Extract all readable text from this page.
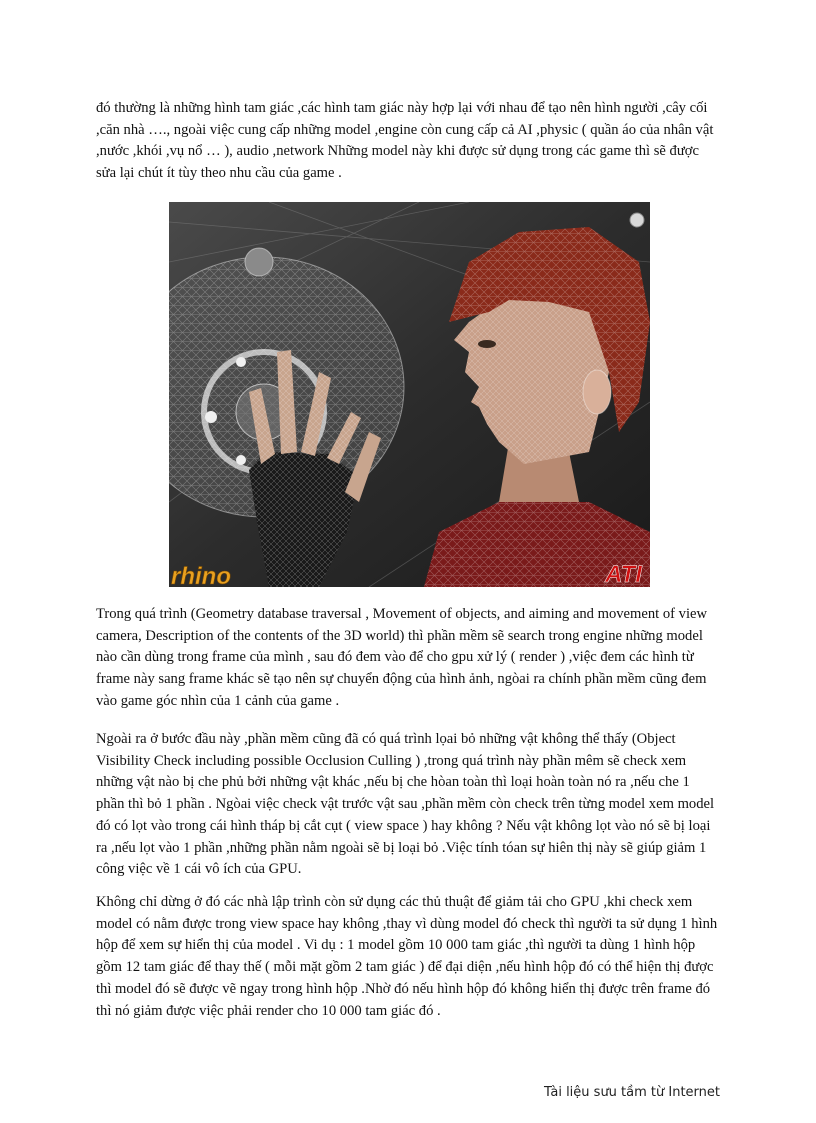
đó thường là những hình tam giác ,các hình tam giác này hợp lại với nhau để tạo nên hình người ,cây cối ,căn nhà …., ngoài việc cung cấp những model ,engine còn cung cấp cả AI ,physic ( quần áo của nhân vật ,nước ,khói ,vụ nổ … ), audio ,network Những model này khi được sử dụng trong các game thì sẽ được sửa lại chút ít tùy theo nhu cầu của game .

rhino	ATI

Trong quá trình (Geometry database traversal , Movement of objects, and aiming and movement of view camera, Description of the contents of the 3D world) thì phần mềm sẽ search trong engine những model nào cần dùng trong frame của mình , sau đó đem vào để cho gpu xử lý ( render ) ,việc đem các hình từ frame này sang frame khác sẽ tạo nên sự chuyển động của hình ảnh, ngòai ra chính phần mềm cũng đem vào game góc nhìn của 1 cảnh của game .

Ngoài ra ở bước đầu này ,phần mềm cũng đã có quá trình lọai bỏ những vật không thể thấy (Object Visibility Check including possible Occlusion Culling ) ,trong quá trình này phần mêm sẽ check xem những vật nào bị che phủ bởi những vật khác ,nếu bị che hòan toàn thì loại hoàn toàn nó ra ,nếu che 1 phần thì bỏ 1 phần . Ngòai việc check vật trước vật sau ,phần mềm còn check trên từng model xem model đó có lọt vào trong cái hình tháp bị cắt cụt ( view space ) hay không ? Nếu vật không lọt vào nó sẽ bị loại ra ,nếu lọt vào 1 phần ,những phần nằm ngoài sẽ bị loại bỏ .Việc tính tóan sự hiên thị này sẽ giúp giảm 1 công việc về 1 cái vô ích của GPU.

Không chỉ dừng ở đó các nhà lập trình còn sử dụng các thủ thuật để giảm tải cho GPU ,khi check xem model có nằm được trong view space hay không ,thay vì dùng model đó check thì người ta sử dụng 1 hình hộp để xem sự hiển thị của model . Vi dụ : 1 model gồm 10 000 tam giác ,thì người ta dùng 1 hình hộp gồm 12 tam giác để thay thế ( mỗi mặt gồm 2 tam giác ) để đại diện ,nếu hình hộp đó có thể hiện thị được thì model đó sẽ được vẽ ngay trong hình hộp .Nhờ đó nếu hình hộp đó không hiển thị được trên frame đó thì nó giảm được việc phải render cho 10 000 tam giác đó .

Tài liệu sưu tầm từ Internet
